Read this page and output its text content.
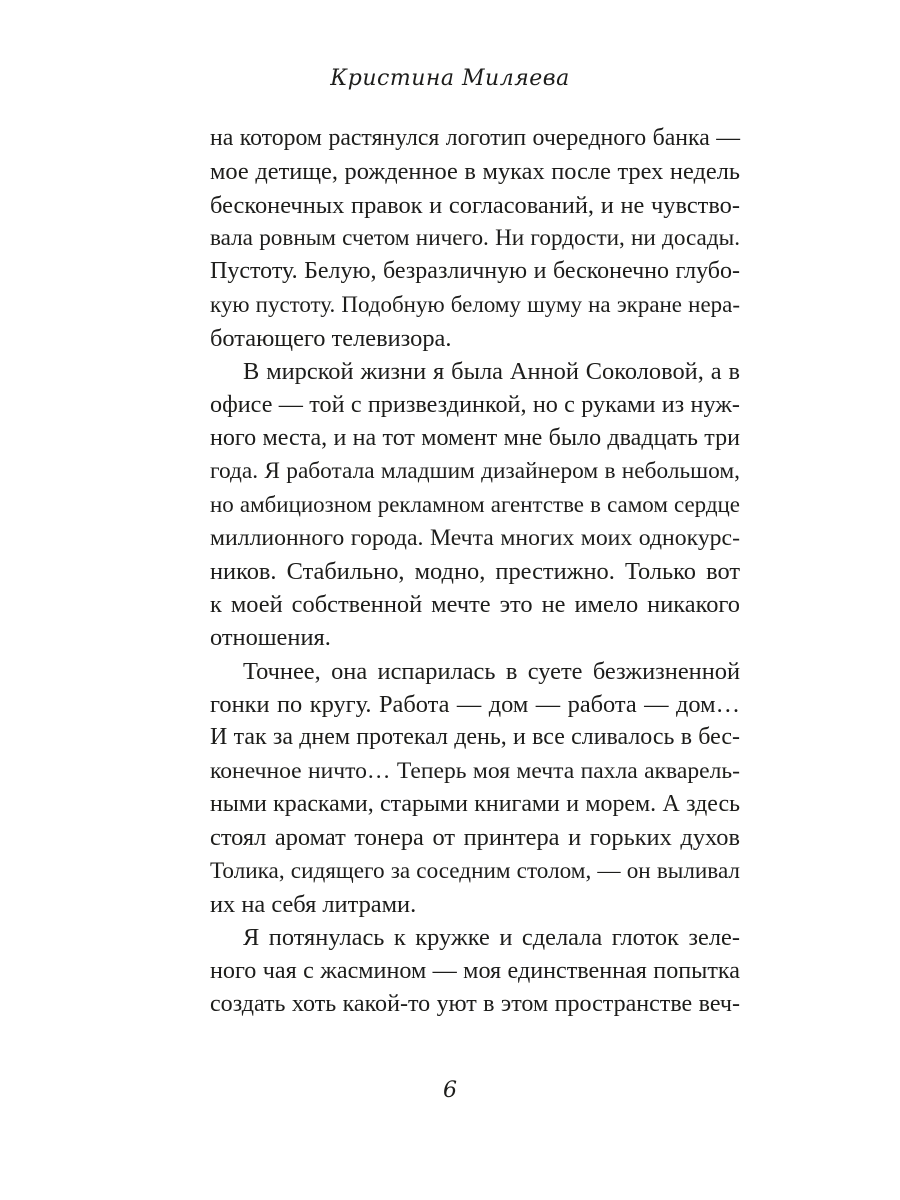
Кристина Миляева

на котором растянулся логотип очередного банка —
мое детище, рожденное в муках после трех недель
бесконечных правок и согласований, и не чувство-
вала ровным счетом ничего. Ни гордости, ни досады.
Пустоту. Белую, безразличную и бесконечно глубо-
кую пустоту. Подобную белому шуму на экране нера-
ботающего телевизора.

В мирской жизни я была Анной Соколовой, а в
офисе — той с призвездинкой, но с руками из нуж-
ного места, и на тот момент мне было двадцать три
года. Я работала младшим дизайнером в небольшом,
но амбициозном рекламном агентстве в самом сердце
миллионного города. Мечта многих моих однокурс-
ников. Стабильно, модно, престижно. Только вот
к моей собственной мечте это не имело никакого
отношения.

Точнее, она испарилась в суете безжизненной
гонки по кругу. Работа — дом — работа — дом…
И так за днем протекал день, и все сливалось в бес-
конечное ничто… Теперь моя мечта пахла акварель-
ными красками, старыми книгами и морем. А здесь
стоял аромат тонера от принтера и горьких духов
Толика, сидящего за соседним столом, — он выливал
их на себя литрами.

Я потянулась к кружке и сделала глоток зеле-
ного чая с жасмином — моя единственная попытка
создать хоть какой-то уют в этом пространстве веч-

6
